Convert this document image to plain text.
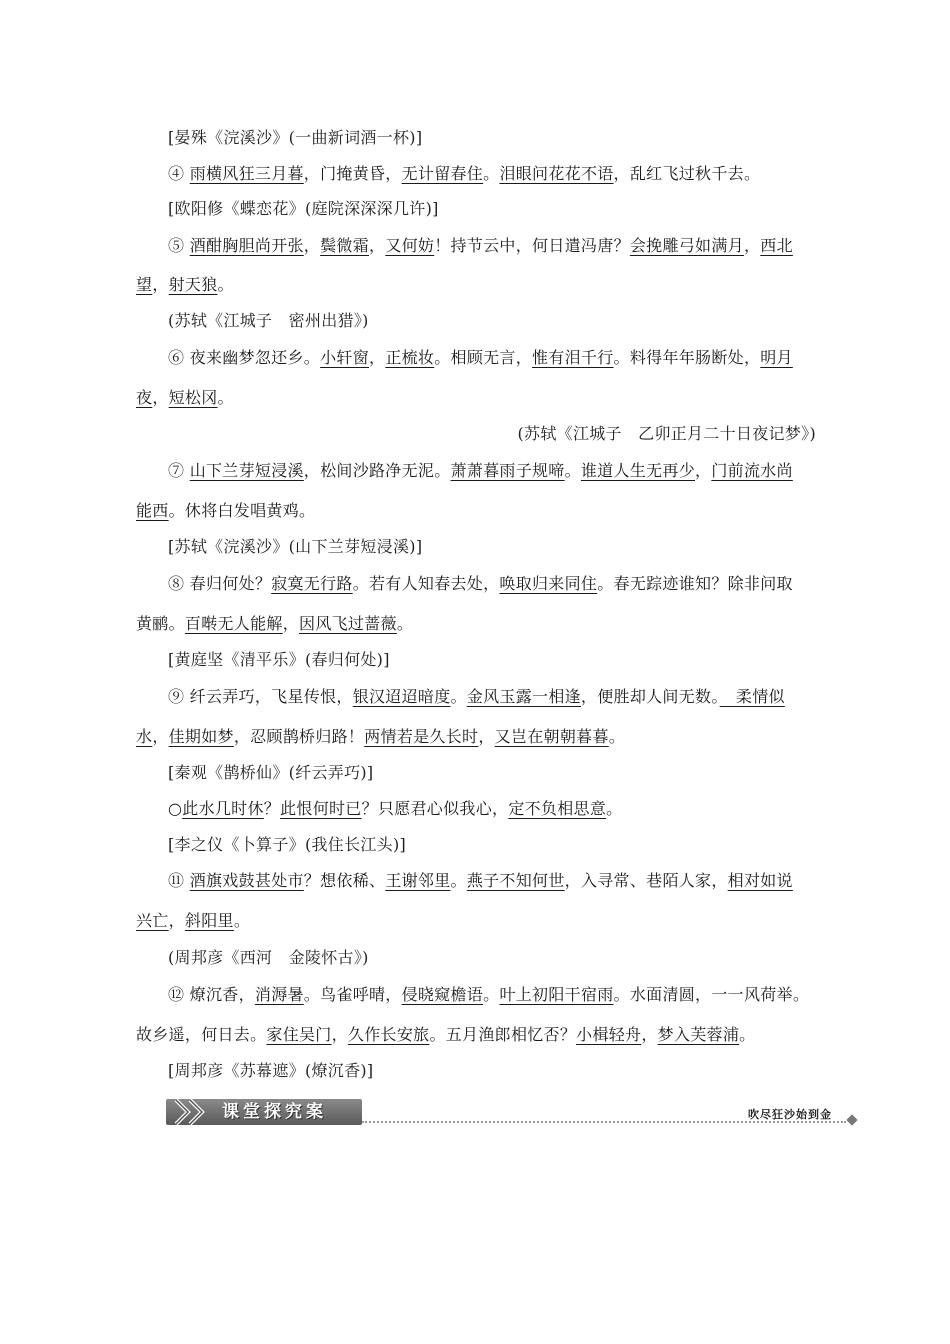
[晏殊《浣溪沙》(一曲新词酒一杯)]
④ 雨横风狂三月暮，门掩黄昏，无计留春住。泪眼问花花不语，乱红飞过秋千去。
[欧阳修《蝶恋花》(庭院深深深几许)]
⑤ 酒酣胸胆尚开张，鬓微霜，又何妨！持节云中，何日遣冯唐？会挽雕弓如满月，西北
望，射天狼。
(苏轼《江城子　密州出猎》)
⑥ 夜来幽梦忽还乡。小轩窗，正梳妆。相顾无言，惟有泪千行。料得年年肠断处，明月
夜，短松冈。
(苏轼《江城子　乙卯正月二十日夜记梦》)
⑦ 山下兰芽短浸溪，松间沙路净无泥。萧萧暮雨子规啼。谁道人生无再少，门前流水尚
能西。休将白发唱黄鸡。
[苏轼《浣溪沙》(山下兰芽短浸溪)]
⑧ 春归何处？寂寞无行路。若有人知春去处，唤取归来同住。春无踪迹谁知？除非问取
黄鹂。百啭无人能解，因风飞过蔷薇。
[黄庭坚《清平乐》(春归何处)]
⑨ 纤云弄巧，飞星传恨，银汉迢迢暗度。金风玉露一相逢，便胜却人间无数。　柔情似
水，佳期如梦，忍顾鹊桥归路！两情若是久长时，又岂在朝朝暮暮。
[秦观《鹊桥仙》(纤云弄巧)]
○此水几时休？此恨何时已？只愿君心似我心，定不负相思意。
[李之仪《卜算子》(我住长江头)]
⑪ 酒旗戏鼓甚处市？想依稀、王谢邻里。燕子不知何世，入寻常、巷陌人家，相对如说
兴亡，斜阳里。
(周邦彦《西河　金陵怀古》)
⑫ 燎沉香，消溽暑。鸟雀呼晴，侵晓窥檐语。叶上初阳干宿雨。水面清圆，一一风荷举。
故乡遥，何日去。家住吴门，久作长安旅。五月渔郎相忆否？小楫轻舟，梦入芙蓉浦。
[周邦彦《苏幕遮》(燎沉香)]
课堂探究案	吹尽狂沙始到金
